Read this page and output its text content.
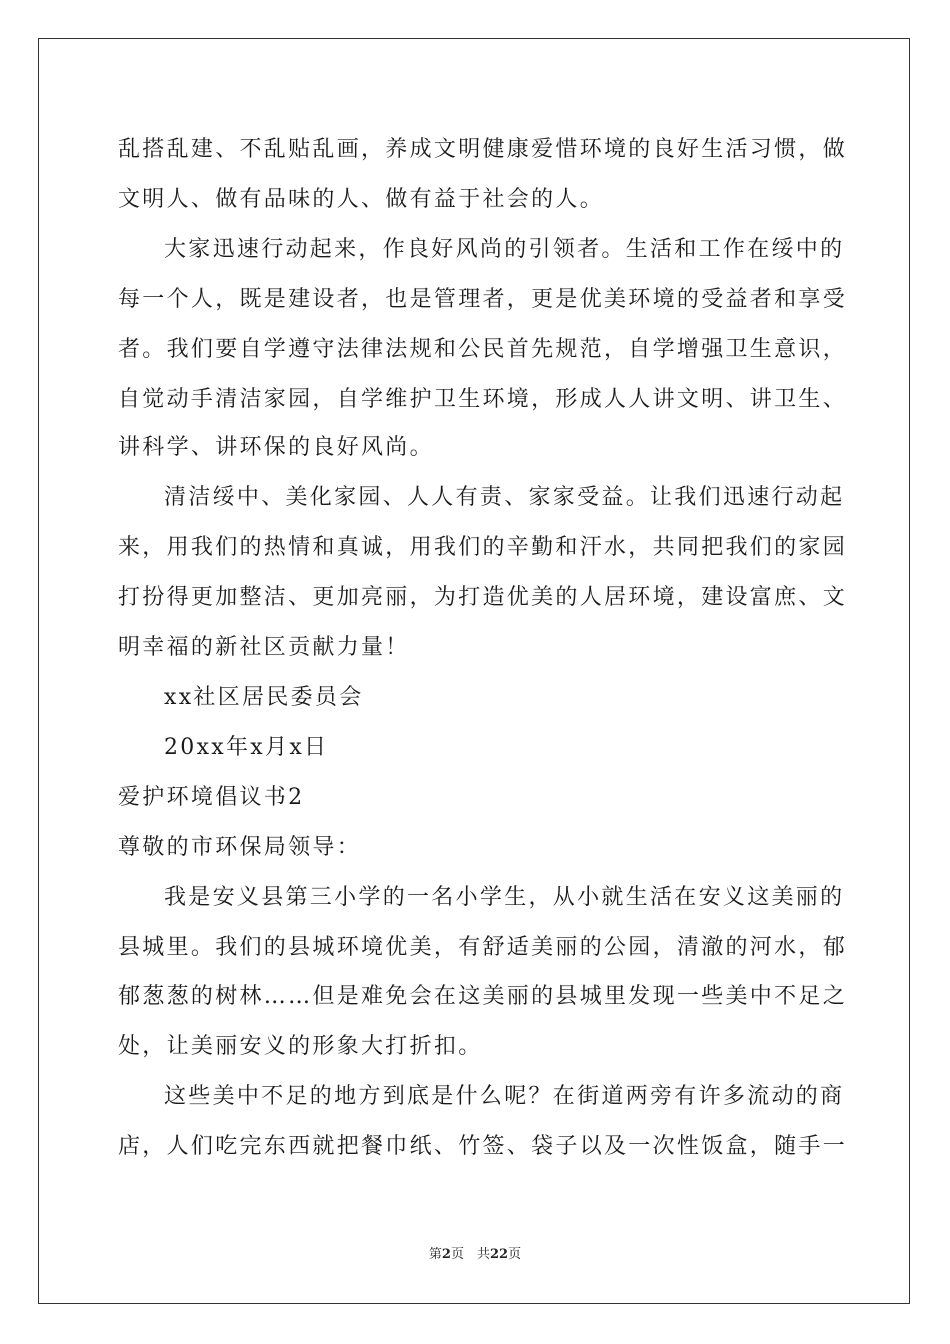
乱搭乱建、不乱贴乱画，养成文明健康爱惜环境的良好生活习惯，做
文明人、做有品味的人、做有益于社会的人。
大家迅速行动起来，作良好风尚的引领者。生活和工作在绥中的
每一个人，既是建设者，也是管理者，更是优美环境的受益者和享受
者。我们要自学遵守法律法规和公民首先规范，自学增强卫生意识，
自觉动手清洁家园，自学维护卫生环境，形成人人讲文明、讲卫生、
讲科学、讲环保的良好风尚。
清洁绥中、美化家园、人人有责、家家受益。让我们迅速行动起
来，用我们的热情和真诚，用我们的辛勤和汗水，共同把我们的家园
打扮得更加整洁、更加亮丽，为打造优美的人居环境，建设富庶、文
明幸福的新社区贡献力量！
xx社区居民委员会
20xx年x月x日
爱护环境倡议书2
尊敬的市环保局领导：
我是安义县第三小学的一名小学生，从小就生活在安义这美丽的
县城里。我们的县城环境优美，有舒适美丽的公园，清澈的河水，郁
郁葱葱的树林……但是难免会在这美丽的县城里发现一些美中不足之
处，让美丽安义的形象大打折扣。
这些美中不足的地方到底是什么呢？在街道两旁有许多流动的商
店，人们吃完东西就把餐巾纸、竹签、袋子以及一次性饭盒，随手一
第2页　共22页
